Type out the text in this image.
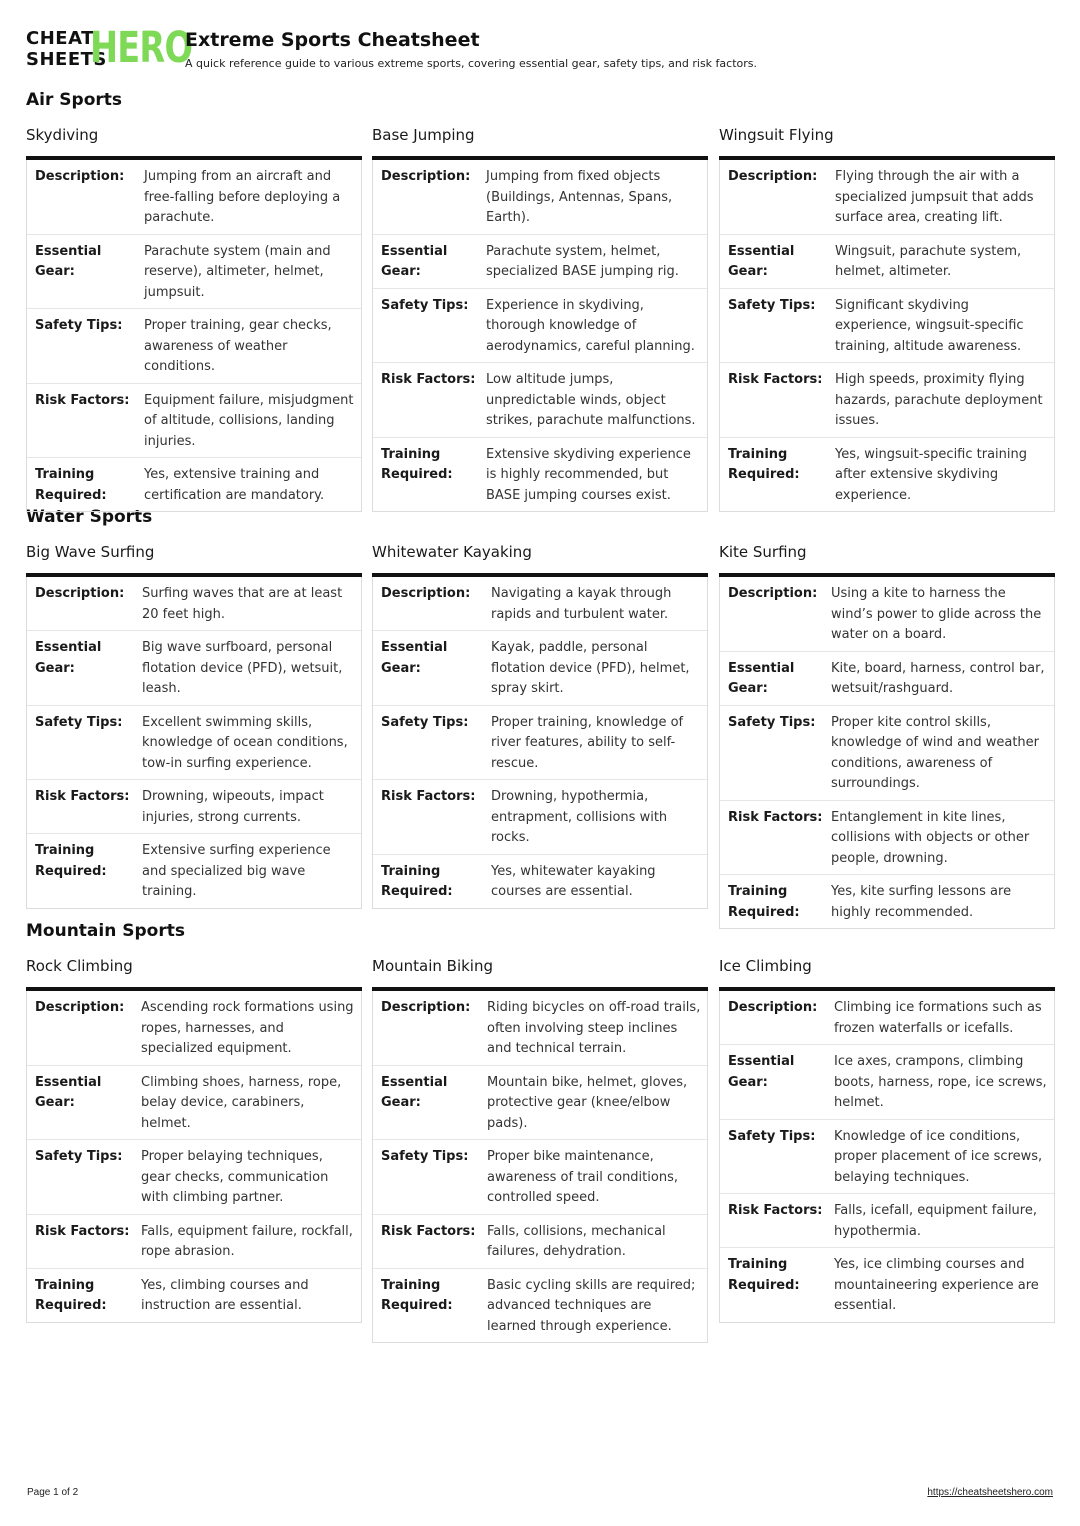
CHEAT
SHEETS
HERO
Extreme Sports Cheatsheet
A quick reference guide to various extreme sports, covering essential gear, safety tips, and risk factors.
Air Sports
Water Sports
Mountain Sports
Skydiving
Description:	Jumping from an aircraft and free-falling before deploying a parachute.
Essential Gear:
Parachute system (main and reserve), altimeter, helmet, jumpsuit.
Safety Tips:	Proper training, gear checks, awareness of weather conditions.
Risk Factors:	Equipment failure, misjudgment of altitude, collisions, landing injuries.
Training Required:
Yes, extensive training and certification are mandatory.
Base Jumping
Description:	Jumping from fixed objects (Buildings, Antennas, Spans, Earth).
Essential Gear:
Parachute system, helmet, specialized BASE jumping rig.
Safety Tips:	Experience in skydiving, thorough knowledge of aerodynamics, careful planning.
Risk Factors: Low altitude jumps, unpredictable winds, object strikes, parachute malfunctions.
Training Required:
Extensive skydiving experience is highly recommended, but BASE jumping courses exist.
Wingsuit Flying
Description:	Flying through the air with a specialized jumpsuit that adds surface area, creating lift.
Essential Gear:
Wingsuit, parachute system, helmet, altimeter.
Safety Tips:	Significant skydiving experience, wingsuit-specific training, altitude awareness.
Risk Factors: High speeds, proximity flying hazards, parachute deployment issues.
Training Required:
Yes, wingsuit-specific training after extensive skydiving experience.
Big Wave Surfing
Description:	Surfing waves that are at least 20 feet high.
Essential Gear:
Big wave surfboard, personal flotation device (PFD), wetsuit, leash.
Safety Tips:	Excellent swimming skills, knowledge of ocean conditions, tow-in surfing experience.
Risk Factors: Drowning, wipeouts, impact injuries, strong currents.
Training Required:
Extensive surfing experience and specialized big wave training.
Whitewater Kayaking
Description:	Navigating a kayak through rapids and turbulent water.
Essential Gear:
Kayak, paddle, personal flotation device (PFD), helmet, spray skirt.
Safety Tips:	Proper training, knowledge of river features, ability to self-rescue.
Risk Factors:	Drowning, hypothermia, entrapment, collisions with rocks.
Training Required:
Yes, whitewater kayaking courses are essential.
Kite Surfing
Description:	Using a kite to harness the wind’s power to glide across the water on a board.
Essential Gear:
Kite, board, harness, control bar, wetsuit/rashguard.
Safety Tips:	Proper kite control skills, knowledge of wind and weather conditions, awareness of surroundings.
Risk Factors: Entanglement in kite lines, collisions with objects or other people, drowning.
Training Required:
Yes, kite surfing lessons are highly recommended.
Rock Climbing
Description:	Ascending rock formations using ropes, harnesses, and specialized equipment.
Essential Gear:
Climbing shoes, harness, rope, belay device, carabiners, helmet.
Safety Tips:	Proper belaying techniques, gear checks, communication with climbing partner.
Risk Factors: Falls, equipment failure, rockfall, rope abrasion.
Training Required:
Yes, climbing courses and instruction are essential.
Mountain Biking
Description:	Riding bicycles on off-road trails, often involving steep inclines and technical terrain.
Essential Gear:
Mountain bike, helmet, gloves, protective gear (knee/elbow pads).
Safety Tips:	Proper bike maintenance, awareness of trail conditions, controlled speed.
Risk Factors: Falls, collisions, mechanical failures, dehydration.
Training Required:
Basic cycling skills are required; advanced techniques are learned through experience.
Ice Climbing
Description:	Climbing ice formations such as frozen waterfalls or icefalls.
Essential Gear:
Ice axes, crampons, climbing boots, harness, rope, ice screws, helmet.
Safety Tips:	Knowledge of ice conditions, proper placement of ice screws, belaying techniques.
Risk Factors: Falls, icefall, equipment failure, hypothermia.
Training Required:
Yes, ice climbing courses and mountaineering experience are essential.
Page 1 of 2	https://cheatsheetshero.com
